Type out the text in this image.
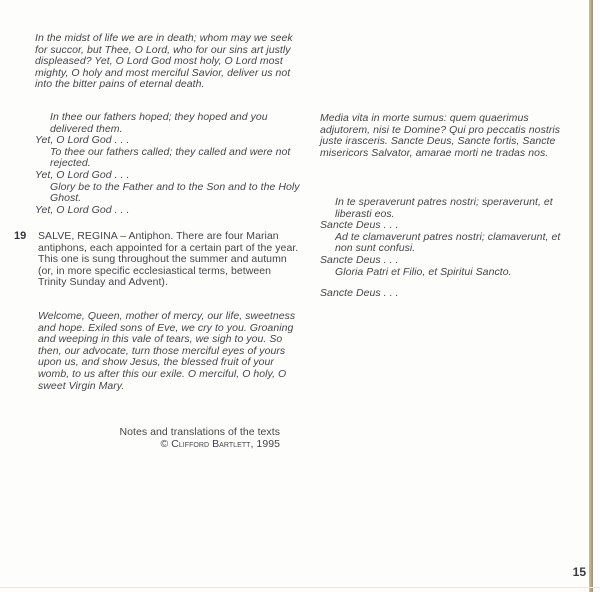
In the midst of life we are in death; whom may we seek for succor, but Thee, O Lord, who for our sins art justly displeased? Yet, O Lord God most holy, O Lord most mighty, O holy and most merciful Savior, deliver us not into the bitter pains of eternal death.
In thee our fathers hoped; they hoped and you delivered them.
Yet, O Lord God . . .
To thee our fathers called; they called and were not rejected.
Yet, O Lord God . . .
Glory be to the Father and to the Son and to the Holy Ghost.
Yet, O Lord God . . .
19	SALVE, REGINA – Antiphon. There are four Marian antiphons, each appointed for a certain part of the year. This one is sung throughout the summer and autumn (or, in more specific ecclesiastical terms, between Trinity Sunday and Advent).
Welcome, Queen, mother of mercy, our life, sweetness and hope. Exiled sons of Eve, we cry to you. Groaning and weeping in this vale of tears, we sigh to you. So then, our advocate, turn those merciful eyes of yours upon us, and show Jesus, the blessed fruit of your womb, to us after this our exile. O merciful, O holy, O sweet Virgin Mary.
Notes and translations of the texts
© Clifford Bartlett, 1995
Media vita in morte sumus: quem quaerimus adjutorem, nisi te Domine? Qui pro peccatis nostris juste irasceris. Sancte Deus, Sancte fortis, Sancte misericors Salvator, amarae morti ne tradas nos.
In te speraverunt patres nostri; speraverunt, et liberasti eos.
Sancte Deus . . .
Ad te clamaverunt patres nostri; clamaverunt, et non sunt confusi.
Sancte Deus . . .
Gloria Patri et Filio, et Spiritui Sancto.
Sancte Deus . . .
15
